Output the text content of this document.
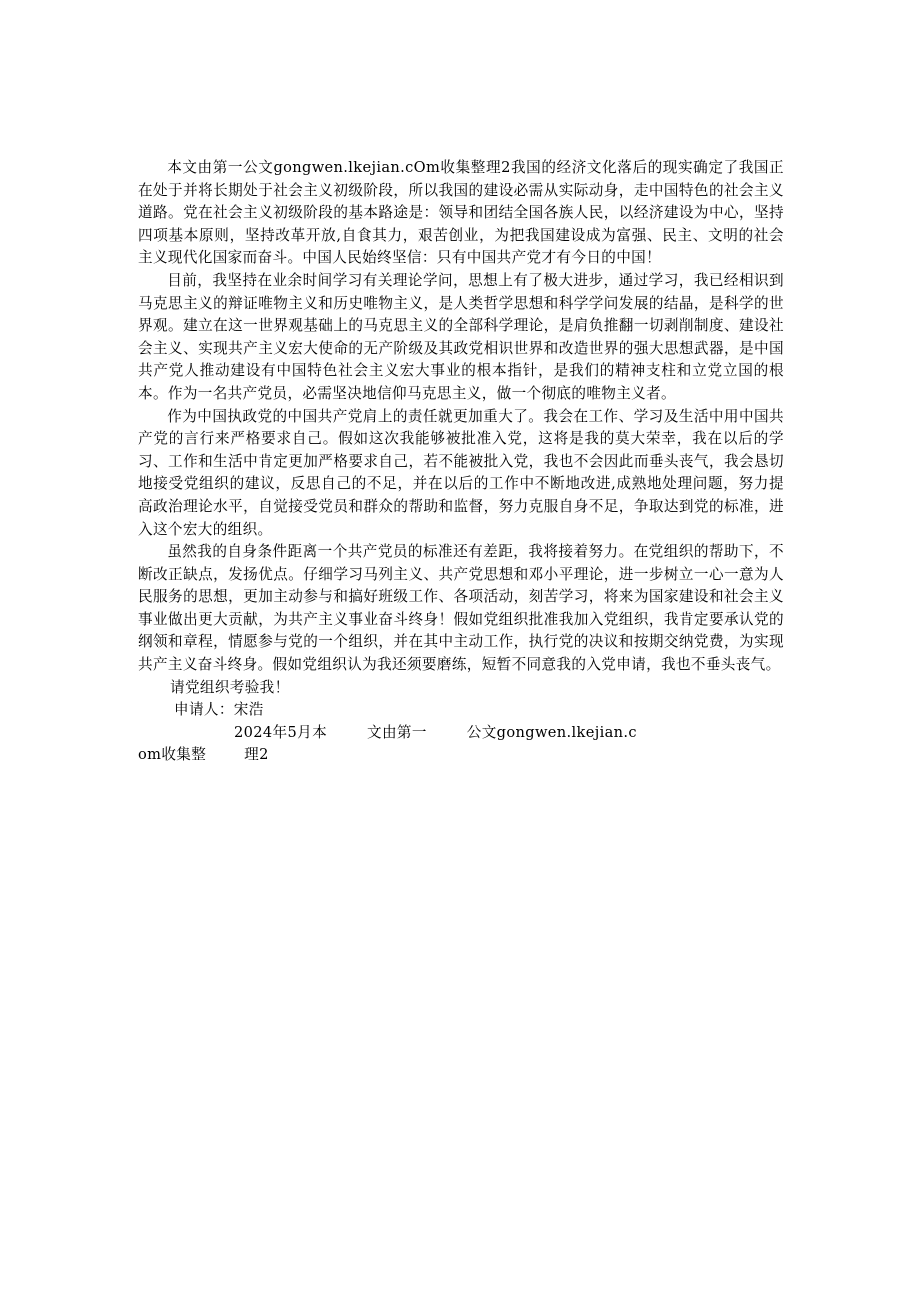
本文由第一公文gongwen.lkejian.cOm收集整理2我国的经济文化落后的现实确定了我国正在处于并将长期处于社会主义初级阶段，所以我国的建设必需从实际动身，走中国特色的社会主义道路。党在社会主义初级阶段的基本路途是：领导和团结全国各族人民，以经济建设为中心，坚持四项基本原则，坚持改革开放,自食其力，艰苦创业，为把我国建设成为富强、民主、文明的社会主义现代化国家而奋斗。中国人民始终坚信：只有中国共产党才有今日的中国！

目前，我坚持在业余时间学习有关理论学问，思想上有了极大进步，通过学习，我已经相识到马克思主义的辩证唯物主义和历史唯物主义，是人类哲学思想和科学学问发展的结晶，是科学的世界观。建立在这一世界观基础上的马克思主义的全部科学理论，是肩负推翻一切剥削制度、建设社会主义、实现共产主义宏大使命的无产阶级及其政党相识世界和改造世界的强大思想武器，是中国共产党人推动建设有中国特色社会主义宏大事业的根本指针，是我们的精神支柱和立党立国的根本。作为一名共产党员，必需坚决地信仰马克思主义，做一个彻底的唯物主义者。

作为中国执政党的中国共产党肩上的责任就更加重大了。我会在工作、学习及生活中用中国共产党的言行来严格要求自己。假如这次我能够被批准入党，这将是我的莫大荣幸，我在以后的学习、工作和生活中肯定更加严格要求自己，若不能被批入党，我也不会因此而垂头丧气，我会恳切地接受党组织的建议，反思自己的不足，并在以后的工作中不断地改进,成熟地处理问题，努力提高政治理论水平，自觉接受党员和群众的帮助和监督，努力克服自身不足，争取达到党的标准，进入这个宏大的组织。

虽然我的自身条件距离一个共产党员的标准还有差距，我将接着努力。在党组织的帮助下，不断改正缺点，发扬优点。仔细学习马列主义、共产党思想和邓小平理论，进一步树立一心一意为人民服务的思想，更加主动参与和搞好班级工作、各项活动，刻苦学习，将来为国家建设和社会主义事业做出更大贡献，为共产主义事业奋斗终身！假如党组织批准我加入党组织，我肯定要承认党的纲领和章程，情愿参与党的一个组织，并在其中主动工作，执行党的决议和按期交纳党费，为实现共产主义奋斗终身。假如党组织认为我还须要磨练，短暂不同意我的入党申请，我也不垂头丧气。

请党组织考验我！

申请人：宋浩

2024年5月本	文由第一	公文gongwen.lkejian.c

om收集整	理2
